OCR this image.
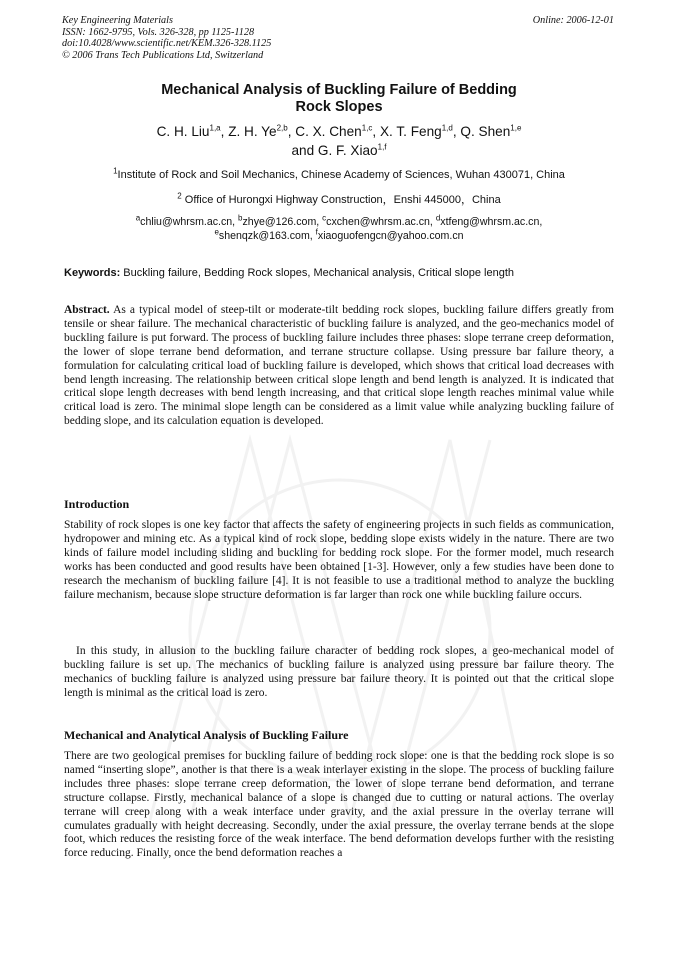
Key Engineering Materials
ISSN: 1662-9795, Vols. 326-328, pp 1125-1128
doi:10.4028/www.scientific.net/KEM.326-328.1125
© 2006 Trans Tech Publications Ltd, Switzerland
Online: 2006-12-01
Mechanical Analysis of Buckling Failure of Bedding
Rock Slopes
C. H. Liu$^{1,a}$, Z. H. Ye$^{2,b}$, C. X. Chen$^{1,c}$, X. T. Feng$^{1,d}$, Q. Shen$^{1,e}$
and G. F. Xiao$^{1,f}$
$^1$Institute of Rock and Soil Mechanics, Chinese Academy of Sciences, Wuhan 430071, China
$^2$ Office of Hurongxi Highway Construction，Enshi 445000，China
$^a$chliu@whrsm.ac.cn, $^b$zhye@126.com, $^c$cxchen@whrsm.ac.cn, $^d$xtfeng@whrsm.ac.cn,
$^e$shenqzk@163.com, $^f$xiaoguofengcn@yahoo.com.cn
Keywords: Buckling failure, Bedding Rock slopes, Mechanical analysis, Critical slope length
Abstract. As a typical model of steep-tilt or moderate-tilt bedding rock slopes, buckling failure differs greatly from tensile or shear failure. The mechanical characteristic of buckling failure is analyzed, and the geo-mechanics model of buckling failure is put forward. The process of buckling failure includes three phases: slope terrane creep deformation, the lower of slope terrane bend deformation, and terrane structure collapse. Using pressure bar failure theory, a formulation for calculating critical load of buckling failure is developed, which shows that critical load decreases with bend length increasing. The relationship between critical slope length and bend length is analyzed. It is indicated that critical slope length decreases with bend length increasing, and that critical slope length reaches minimal value while critical load is zero. The minimal slope length can be considered as a limit value while analyzing buckling failure of bedding slope, and its calculation equation is developed.
Introduction
Stability of rock slopes is one key factor that affects the safety of engineering projects in such fields as communication, hydropower and mining etc. As a typical kind of rock slope, bedding slope exists widely in the nature. There are two kinds of failure model including sliding and buckling for bedding rock slope. For the former model, much research works has been conducted and good results have been obtained [1-3]. However, only a few studies have been done to research the mechanism of buckling failure [4]. It is not feasible to use a traditional method to analyze the buckling failure mechanism, because slope structure deformation is far larger than rock one while buckling failure occurs.
In this study, in allusion to the buckling failure character of bedding rock slopes, a geo-mechanical model of buckling failure is set up. The mechanics of buckling failure is analyzed using pressure bar failure theory. The mechanics of buckling failure is analyzed using pressure bar failure theory. It is pointed out that the critical slope length is minimal as the critical load is zero.
Mechanical and Analytical Analysis of Buckling Failure
There are two geological premises for buckling failure of bedding rock slope: one is that the bedding rock slope is so named “inserting slope”, another is that there is a weak interlayer existing in the slope. The process of buckling failure includes three phases: slope terrane creep deformation, the lower of slope terrane bend deformation, and terrane structure collapse. Firstly, mechanical balance of a slope is changed due to cutting or natural actions. The overlay terrane will creep along with a weak interface under gravity, and the axial pressure in the overlay terrane will cumulates gradually with height decreasing. Secondly, under the axial pressure, the overlay terrane bends at the slope foot, which reduces the resisting force of the weak interface. The bend deformation develops further with the resisting force reducing. Finally, once the bend deformation reaches a
